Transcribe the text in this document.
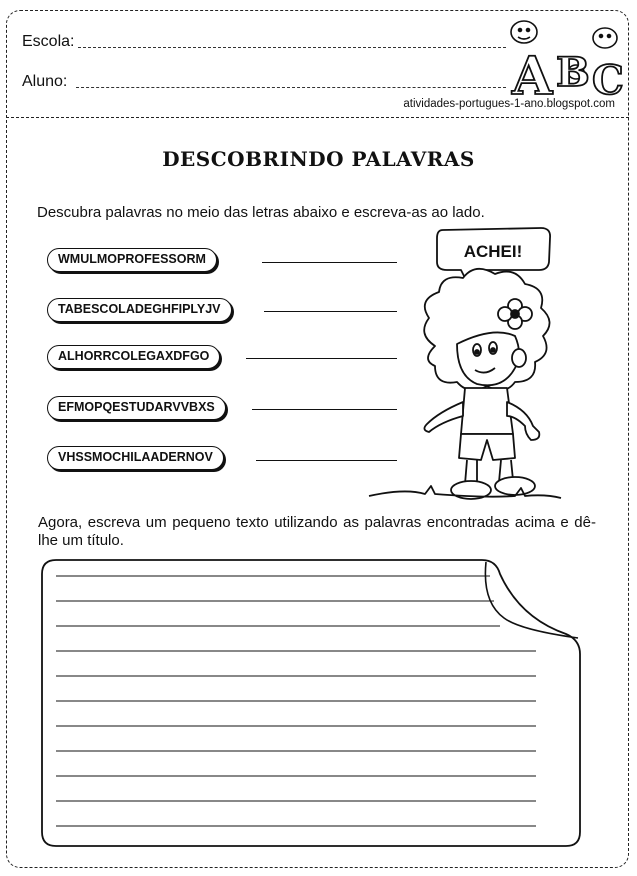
Escola:
Aluno:
atividades-portugues-1-ano.blogspot.com
A B C
DESCOBRINDO PALAVRAS
Descubra palavras no meio das letras abaixo e escreva-as ao lado.
WMULMOPROFESSORM
TABESCOLADEGHFIPLYJV
ALHORRCOLEGAXDFGO
EFMOPQESTUDARVVBXS
VHSSMOCHILAADERNOV
ACHEI!
Agora, escreva um pequeno texto utilizando as palavras encontradas acima e dê-lhe um título.
